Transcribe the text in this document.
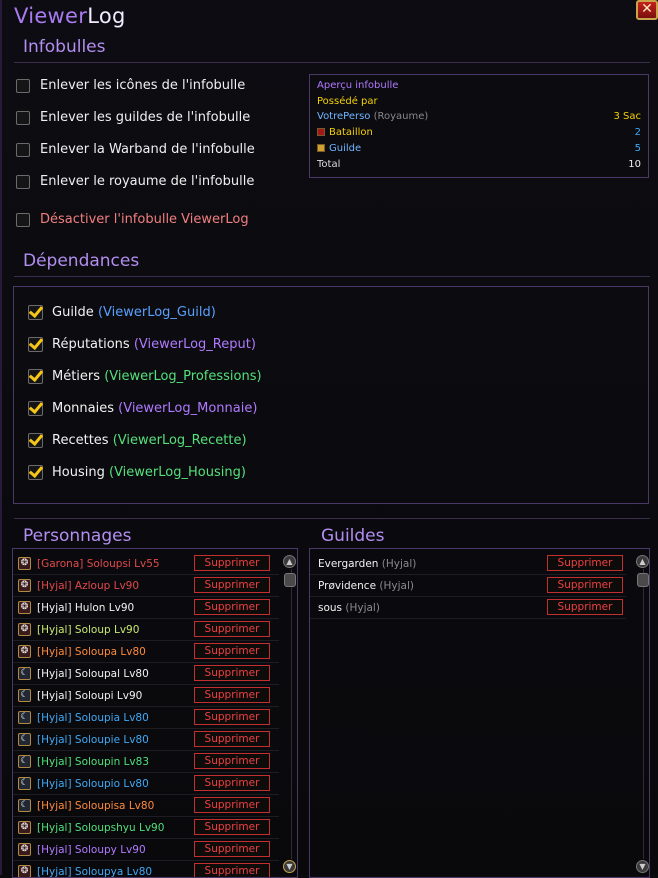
ViewerLog	✕
Infobulles
Enlever les icônes de l'infobulle
Enlever les guildes de l'infobulle
Enlever la Warband de l'infobulle
Enlever le royaume de l'infobulle
Désactiver l'infobulle ViewerLog
Aperçu infobulle
Possédé par
VotrePerso (Royaume)	3 Sac
Bataillon	2
Guilde	5
Total	10
Dépendances
Guilde
(ViewerLog_Guild)
Réputations
(ViewerLog_Reput)
Métiers
(ViewerLog_Professions)
Monnaies
(ViewerLog_Monnaie)
Recettes
(ViewerLog_Recette)
Housing
(ViewerLog_Housing)
Personnages	Guildes
❂ [Garona] Soloupsi Lv55	Supprimer
❂ [Hyjal] Azloup Lv90	Supprimer
❂ [Hyjal] Hulon Lv90	Supprimer
❂ [Hyjal] Soloup Lv90	Supprimer
❂ [Hyjal] Soloupa Lv80	Supprimer
☾ [Hyjal] Soloupal Lv80	Supprimer
☾ [Hyjal] Soloupi Lv90	Supprimer
☾ [Hyjal] Soloupia Lv80	Supprimer
☾ [Hyjal] Soloupie Lv80	Supprimer
☾ [Hyjal] Soloupin Lv83	Supprimer
☾ [Hyjal] Soloupio Lv80	Supprimer
☾ [Hyjal] Soloupisa Lv80	Supprimer
❂ [Hyjal] Soloupshyu Lv90	Supprimer
❂ [Hyjal] Soloupy Lv90	Supprimer
❂ [Hyjal] Soloupya Lv80	Supprimer
▲
▼
Evergarden (Hyjal)	Supprimer
Prøvidence (Hyjal)	Supprimer
sous (Hyjal)	Supprimer
▲
▼
